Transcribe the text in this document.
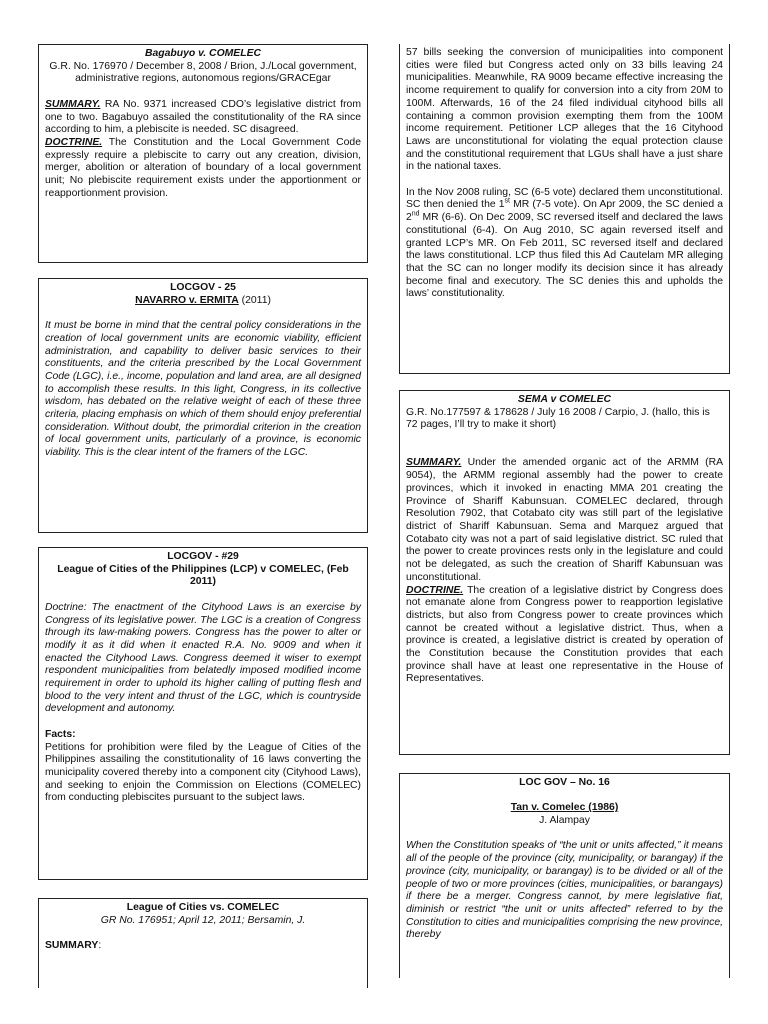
Bagabuyo v. COMELEC

G.R. No. 176970 / December 8, 2008 / Brion, J./Local government, administrative regions, autonomous regions/GRACEgar

SUMMARY. RA No. 9371 increased CDO’s legislative district from one to two. Bagabuyo assailed the constitutionality of the RA since according to him, a plebiscite is needed. SC disagreed.

DOCTRINE. The Constitution and the Local Government Code expressly require a plebiscite to carry out any creation, division, merger, abolition or alteration of boundary of a local government unit; No plebiscite requirement exists under the apportionment or reapportionment provision.

LOCGOV - 25

NAVARRO v. ERMITA (2011)

It must be borne in mind that the central policy considerations in the creation of local government units are economic viability, efficient administration, and capability to deliver basic services to their constituents, and the criteria prescribed by the Local Government Code (LGC), i.e., income, population and land area, are all designed to accomplish these results. In this light, Congress, in its collective wisdom, has debated on the relative weight of each of these three criteria, placing emphasis on which of them should enjoy preferential consideration. Without doubt, the primordial criterion in the creation of local government units, particularly of a province, is economic viability. This is the clear intent of the framers of the LGC.

LOCGOV - #29

League of Cities of the Philippines (LCP) v COMELEC, (Feb 2011)

Doctrine: The enactment of the Cityhood Laws is an exercise by Congress of its legislative power. The LGC is a creation of Congress through its law-making powers. Congress has the power to alter or modify it as it did when it enacted R.A. No. 9009 and when it enacted the Cityhood Laws. Congress deemed it wiser to exempt respondent municipalities from belatedly imposed modified income requirement in order to uphold its higher calling of putting flesh and blood to the very intent and thrust of the LGC, which is countryside development and autonomy.

Facts:

Petitions for prohibition were filed by the League of Cities of the Philippines assailing the constitutionality of 16 laws converting the municipality covered thereby into a component city (Cityhood Laws), and seeking to enjoin the Commission on Elections (COMELEC) from conducting plebiscites pursuant to the subject laws.

League of Cities vs. COMELEC

GR No. 176951; April 12, 2011; Bersamin, J.

SUMMARY:

57 bills seeking the conversion of municipalities into component cities were filed but Congress acted only on 33 bills leaving 24 municipalities. Meanwhile, RA 9009 became effective increasing the income requirement to qualify for conversion into a city from 20M to 100M. Afterwards, 16 of the 24 filed individual cityhood bills all containing a common provision exempting them from the 100M income requirement. Petitioner LCP alleges that the 16 Cityhood Laws are unconstitutional for violating the equal protection clause and the constitutional requirement that LGUs shall have a just share in the national taxes.

In the Nov 2008 ruling, SC (6-5 vote) declared them unconstitutional. SC then denied the 1st MR (7-5 vote). On Apr 2009, the SC denied a 2nd MR (6-6). On Dec 2009, SC reversed itself and declared the laws constitutional (6-4). On Aug 2010, SC again reversed itself and granted LCP’s MR. On Feb 2011, SC reversed itself and declared the laws constitutional. LCP thus filed this Ad Cautelam MR alleging that the SC can no longer modify its decision since it has already become final and executory. The SC denies this and upholds the laws’ constitutionality.

SEMA v COMELEC

G.R. No.177597 & 178628 / July 16 2008 / Carpio, J. (hallo, this is 72 pages, I’ll try to make it short)

SUMMARY. Under the amended organic act of the ARMM (RA 9054), the ARMM regional assembly had the power to create provinces, which it invoked in enacting MMA 201 creating the Province of Shariff Kabunsuan. COMELEC declared, through Resolution 7902, that Cotabato city was still part of the legislative district of Shariff Kabunsuan. Sema and Marquez argued that Cotabato city was not a part of said legislative district. SC ruled that the power to create provinces rests only in the legislature and could not be delegated, as such the creation of Shariff Kabunsuan was unconstitutional.

DOCTRINE. The creation of a legislative district by Congress does not emanate alone from Congress power to reapportion legislative districts, but also from Congress power to create provinces which cannot be created without a legislative district. Thus, when a province is created, a legislative district is created by operation of the Constitution because the Constitution provides that each province shall have at least one representative in the House of Representatives.

LOC GOV – No. 16

Tan v. Comelec (1986)

J. Alampay

When the Constitution speaks of “the unit or units affected,” it means all of the people of the province (city, municipality, or barangay) if the province (city, municipality, or barangay) is to be divided or all of the people of two or more provinces (cities, municipalities, or barangays) if there be a merger. Congress cannot, by mere legislative fiat, diminish or restrict “the unit or units affected” referred to by the Constitution to cities and municipalities comprising the new province, thereby
